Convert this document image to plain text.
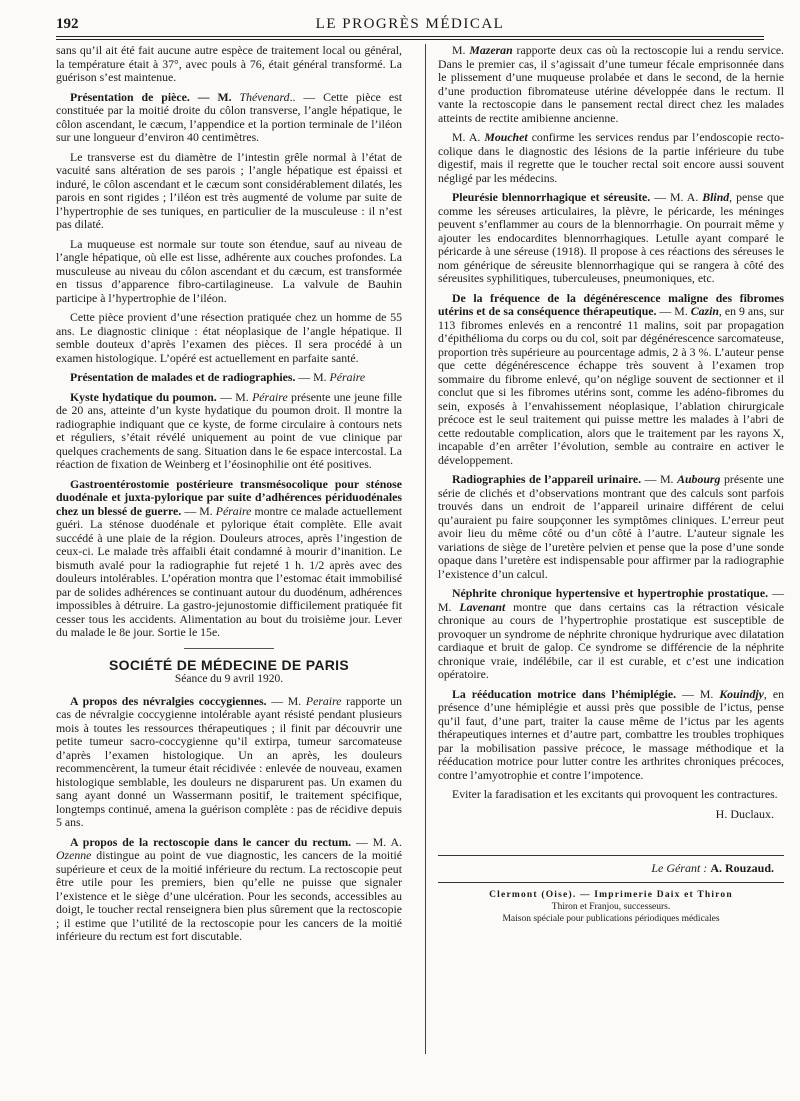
192	LE PROGRÈS MÉDICAL

sans qu’il ait été fait aucune autre espèce de traitement local ou général, la température était à 37°, avec pouls à 76, était général transformé. La guérison s’est maintenue.

Présentation de pièce. — M. Thévenard.. — Cette pièce est constituée par la moitié droite du côlon transverse, l’angle hépatique, le côlon ascendant, le cæcum, l’appendice et la portion terminale de l’iléon sur une longueur d’environ 40 centimètres.

Le transverse est du diamètre de l’intestin grêle normal à l’état de vacuité sans altération de ses parois ; l’angle hépatique est épaissi et induré, le côlon ascendant et le cæcum sont considérablement dilatés, les parois en sont rigides ; l’iléon est très augmenté de volume par suite de l’hypertrophie de ses tuniques, en particulier de la musculeuse : il n’est pas dilaté.

La muqueuse est normale sur toute son étendue, sauf au niveau de l’angle hépatique, où elle est lisse, adhérente aux couches profondes. La musculeuse au niveau du côlon ascendant et du cæcum, est transformée en tissus d’apparence fibro-cartilagineuse. La valvule de Bauhin participe à l’hypertrophie de l’iléon.

Cette pièce provient d’une résection pratiquée chez un homme de 55 ans. Le diagnostic clinique : état néoplasique de l’angle hépatique. Il semble douteux d’après l’examen des pièces. Il sera procédé à un examen histologique. L’opéré est actuellement en parfaite santé.

Présentation de malades et de radiographies. — M. Péraire

Kyste hydatique du poumon. — M. Péraire présente une jeune fille de 20 ans, atteinte d’un kyste hydatique du poumon droit. Il montre la radiographie indiquant que ce kyste, de forme circulaire à contours nets et réguliers, s’était révélé uniquement au point de vue clinique par quelques crachements de sang. Situation dans le 6e espace intercostal. La réaction de fixation de Weinberg et l’éosinophilie ont été positives.

Gastroentérostomie postérieure transmésocolique pour sténose duodénale et juxta-pylorique par suite d’adhérences périduodénales chez un blessé de guerre. — M. Péraire montre ce malade actuellement guéri. La sténose duodénale et pylorique était complète. Elle avait succédé à une plaie de la région. Douleurs atroces, après l’ingestion de ceux-ci. Le malade très affaibli était condamné à mourir d’inanition. Le bismuth avalé pour la radiographie fut rejeté 1 h. 1/2 après avec des douleurs intolérables. L’opération montra que l’estomac était immobilisé par de solides adhérences se continuant autour du duodénum, adhérences impossibles à détruire. La gastro-jejunostomie difficilement pratiquée fit cesser tous les accidents. Alimentation au bout du troisième jour. Lever du malade le 8e jour. Sortie le 15e.

SOCIÉTÉ DE MÉDECINE DE PARIS
Séance du 9 avril 1920.

A propos des névralgies coccygiennes. — M. Peraire rapporte un cas de névralgie coccygienne intolérable ayant résisté pendant plusieurs mois à toutes les ressources thérapeutiques ; il finit par découvrir une petite tumeur sacro-coccygienne qu’il extirpa, tumeur sarcomateuse d’après l’examen histologique. Un an après, les douleurs recommencèrent, la tumeur était récidivée : enlevée de nouveau, examen histologique semblable, les douleurs ne disparurent pas. Un examen du sang ayant donné un Wassermann positif, le traitement spécifique, longtemps continué, amena la guérison complète : pas de récidive depuis 5 ans.

A propos de la rectoscopie dans le cancer du rectum. — M. A. Ozenne distingue au point de vue diagnostic, les cancers de la moitié supérieure et ceux de la moitié inférieure du rectum. La rectoscopie peut être utile pour les premiers, bien qu’elle ne puisse que signaler l’existence et le siège d’une ulcération. Pour les seconds, accessibles au doigt, le toucher rectal renseignera bien plus sûrement que la rectoscopie ; il estime que l’utilité de la rectoscopie pour les cancers de la moitié inférieure du rectum est fort discutable.

M. Mazeran rapporte deux cas où la rectoscopie lui a rendu service. Dans le premier cas, il s’agissait d’une tumeur fécale emprisonnée dans le plissement d’une muqueuse prolabée et dans le second, de la hernie d’une production fibromateuse utérine développée dans le rectum. Il vante la rectoscopie dans le pansement rectal direct chez les malades atteints de rectite amibienne ancienne.

M. A. Mouchet confirme les services rendus par l’endoscopie recto-colique dans le diagnostic des lésions de la partie inférieure du tube digestif, mais il regrette que le toucher rectal soit encore aussi souvent négligé par les médecins.

Pleurésie blennorrhagique et séreusite. — M. A. Blind, pense que comme les séreuses articulaires, la plèvre, le péricarde, les méninges peuvent s’enflammer au cours de la blennorrhagie. On pourrait même y ajouter les endocardites blennorrhagiques. Letulle ayant comparé le péricarde à une séreuse (1918). Il propose à ces réactions des séreuses le nom générique de séreusite blennorrhagique qui se rangera à côté des séreusites syphilitiques, tuberculeuses, pneumoniques, etc.

De la fréquence de la dégénérescence maligne des fibromes utérins et de sa conséquence thérapeutique. — M. Cazin, en 9 ans, sur 113 fibromes enlevés en a rencontré 11 malins, soit par propagation d’épithélioma du corps ou du col, soit par dégénérescence sarcomateuse, proportion très supérieure au pourcentage admis, 2 à 3 %. L’auteur pense que cette dégénérescence échappe très souvent à l’examen trop sommaire du fibrome enlevé, qu’on néglige souvent de sectionner et il conclut que si les fibromes utérins sont, comme les adéno-fibromes du sein, exposés à l’envahissement néoplasique, l’ablation chirurgicale précoce est le seul traitement qui puisse mettre les malades à l’abri de cette redoutable complication, alors que le traitement par les rayons X, incapable d’en arrêter l’évolution, semble au contraire en activer le développement.

Radiographies de l’appareil urinaire. — M. Aubourg présente une série de clichés et d’observations montrant que des calculs sont parfois trouvés dans un endroit de l’appareil urinaire différent de celui qu’auraient pu faire soupçonner les symptômes cliniques. L’erreur peut avoir lieu du même côté ou d’un côté à l’autre. L’auteur signale les variations de siège de l’uretère pelvien et pense que la pose d’une sonde opaque dans l’uretère est indispensable pour affirmer par la radiographie l’existence d’un calcul.

Néphrite chronique hypertensive et hypertrophie prostatique. — M. Lavenant montre que dans certains cas la rétraction vésicale chronique au cours de l’hypertrophie prostatique est susceptible de provoquer un syndrome de néphrite chronique hydrurique avec dilatation cardiaque et bruit de galop. Ce syndrome se différencie de la néphrite chronique vraie, indélébile, car il est curable, et c’est une indication opératoire.

La rééducation motrice dans l’hémiplégie. — M. Kouindjy, en présence d’une hémiplégie et aussi près que possible de l’ictus, pense qu’il faut, d’une part, traiter la cause même de l’ictus par les agents thérapeutiques internes et d’autre part, combattre les troubles trophiques par la mobilisation passive précoce, le massage méthodique et la rééducation motrice pour lutter contre les arthrites chroniques précoces, contre l’amyotrophie et contre l’impotence.

Eviter la faradisation et les excitants qui provoquent les contractures.

H. Duclaux.
Le Gérant : A. Rouzaud.
Clermont (Oise). — Imprimerie Daix et Thiron
Thiron et Franjou, successeurs.
Maison spéciale pour publications périodiques médicales
